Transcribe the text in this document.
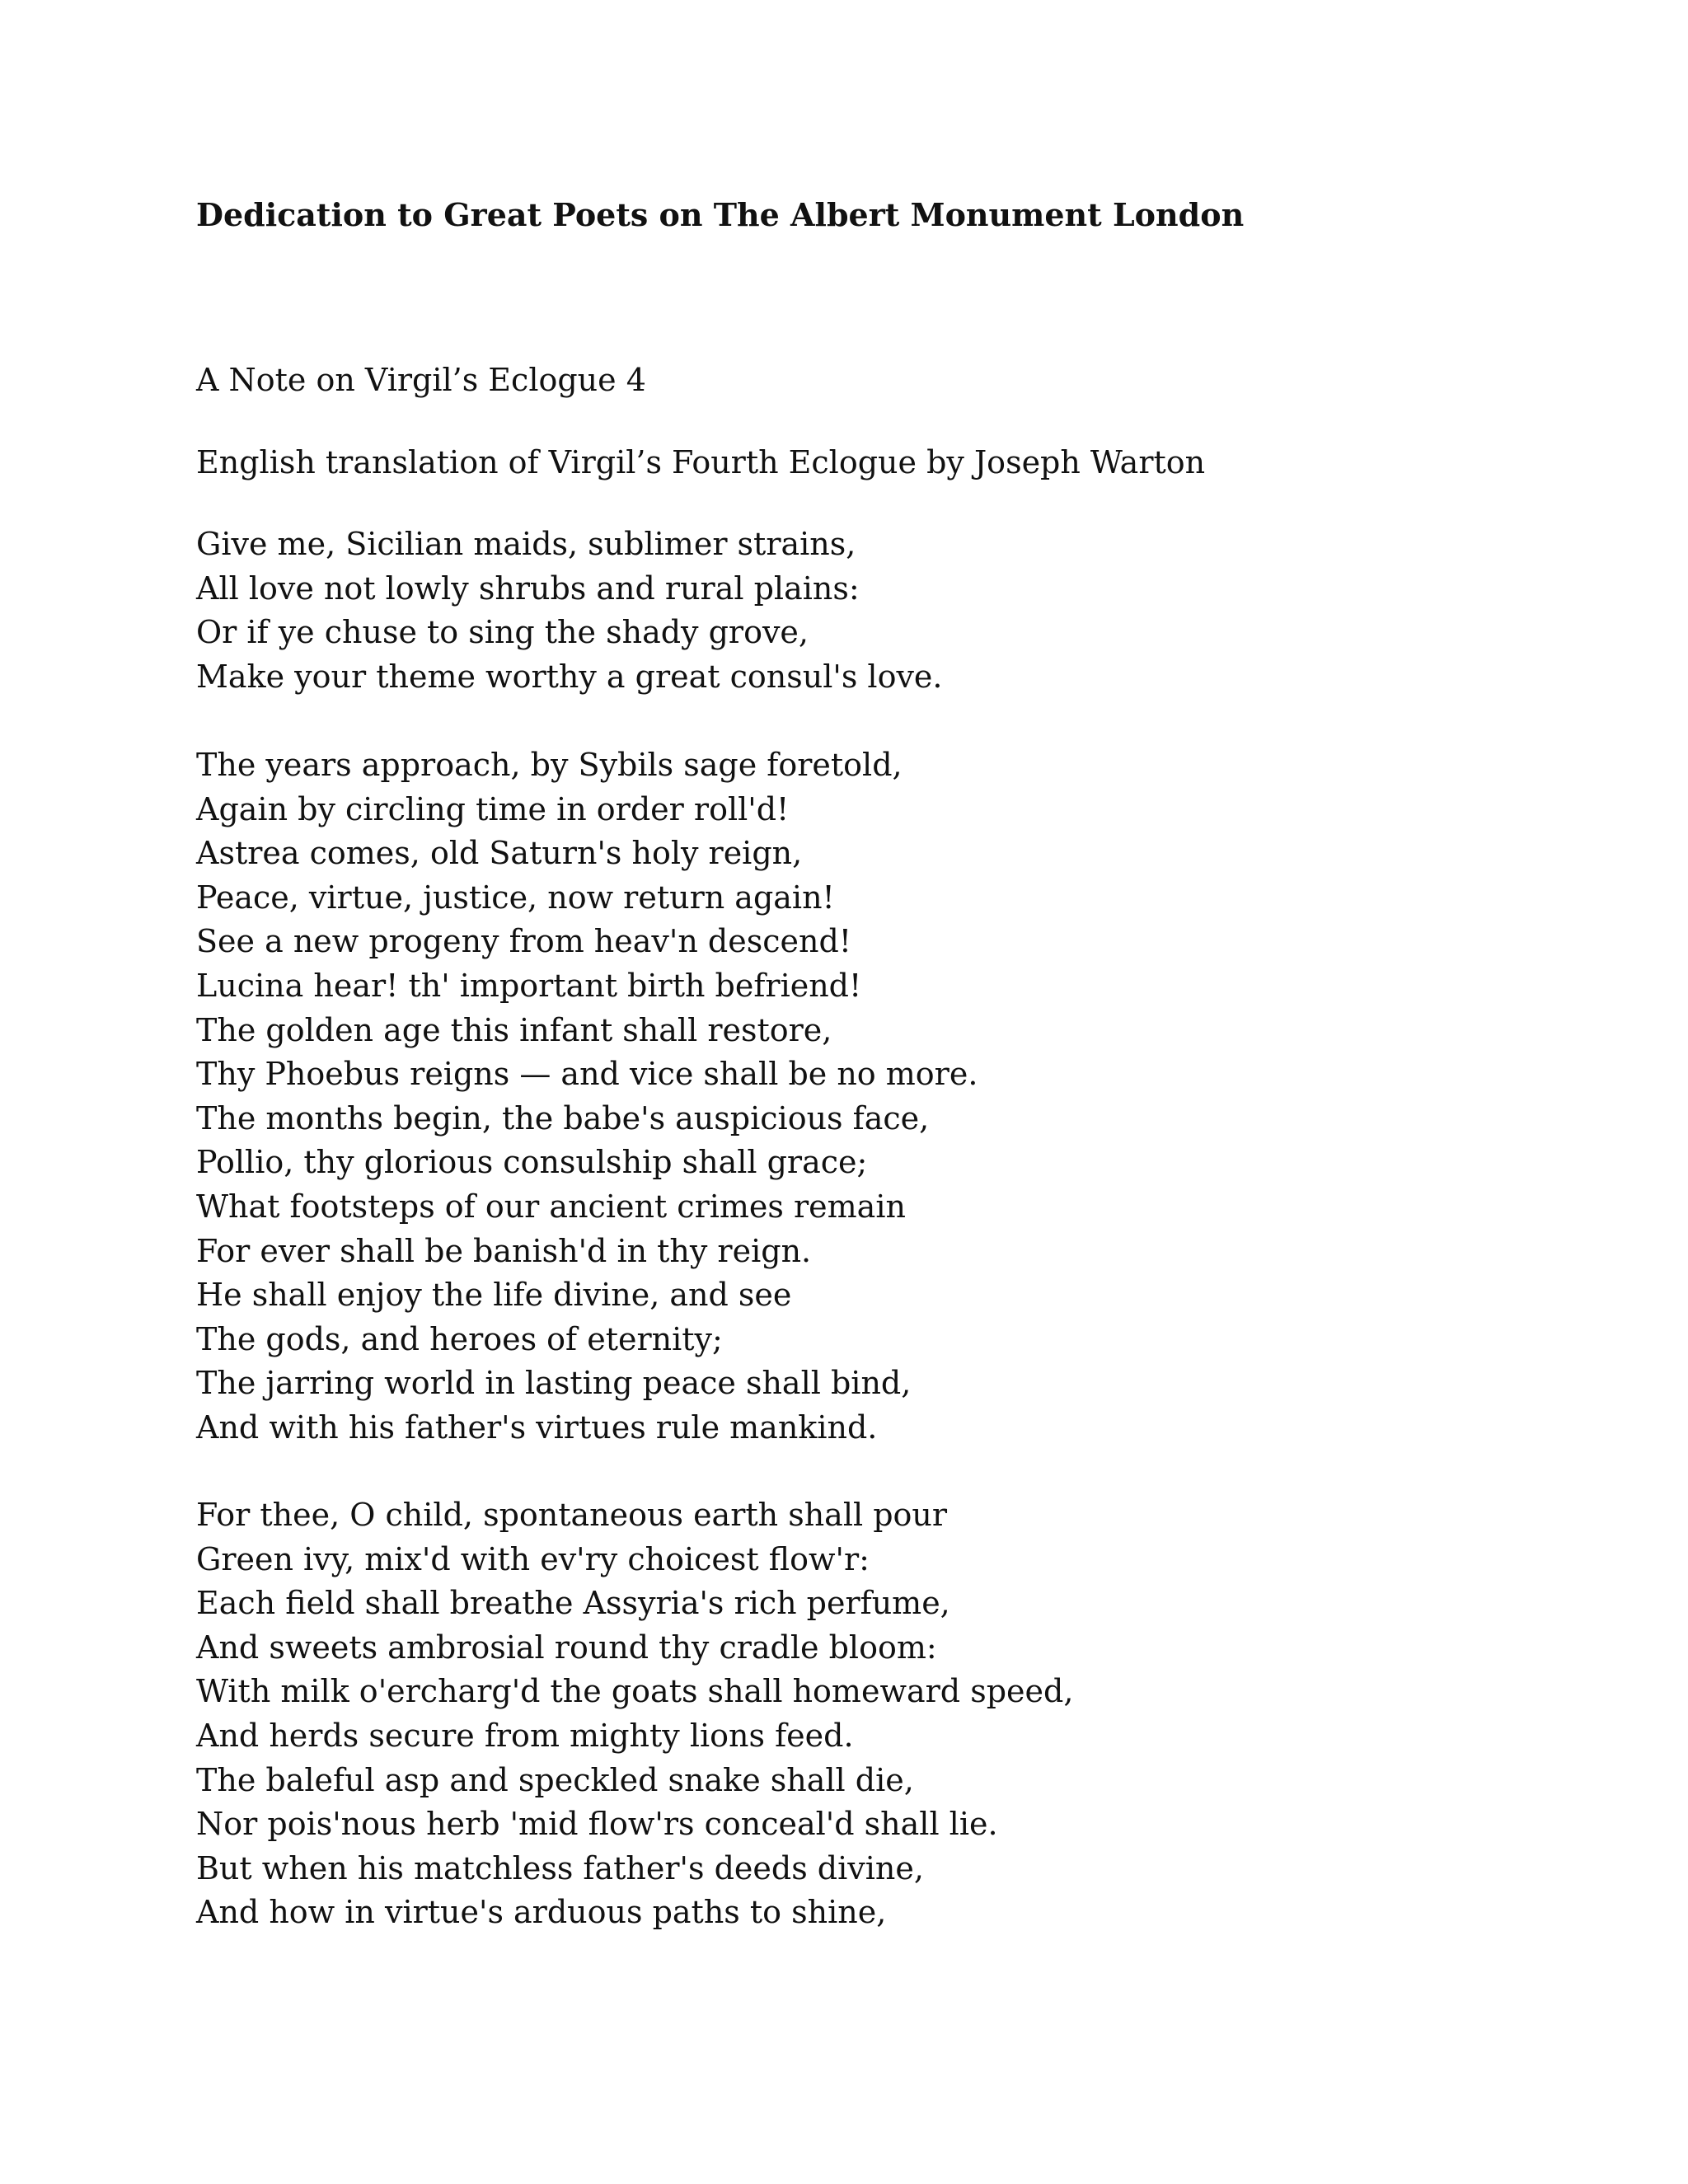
Dedication to Great Poets on The Albert Monument London

A Note on Virgil’s Eclogue 4

English translation of Virgil’s Fourth Eclogue by Joseph Warton

Give me, Sicilian maids, sublimer strains,
All love not lowly shrubs and rural plains:
Or if ye chuse to sing the shady grove,
Make your theme worthy a great consul's love.
The years approach, by Sybils sage foretold,
Again by circling time in order roll'd!
Astrea comes, old Saturn's holy reign,
Peace, virtue, justice, now return again!
See a new progeny from heav'n descend!
Lucina hear! th' important birth befriend!
The golden age this infant shall restore,
Thy Phoebus reigns — and vice shall be no more.
The months begin, the babe's auspicious face,
Pollio, thy glorious consulship shall grace;
What footsteps of our ancient crimes remain
For ever shall be banish'd in thy reign.
He shall enjoy the life divine, and see
The gods, and heroes of eternity;
The jarring world in lasting peace shall bind,
And with his father's virtues rule mankind.
For thee, O child, spontaneous earth shall pour
Green ivy, mix'd with ev'ry choicest flow'r:
Each field shall breathe Assyria's rich perfume,
And sweets ambrosial round thy cradle bloom:
With milk o'ercharg'd the goats shall homeward speed,
And herds secure from mighty lions feed.
The baleful asp and speckled snake shall die,
Nor pois'nous herb 'mid flow'rs conceal'd shall lie.
But when his matchless father's deeds divine,
And how in virtue's arduous paths to shine,
